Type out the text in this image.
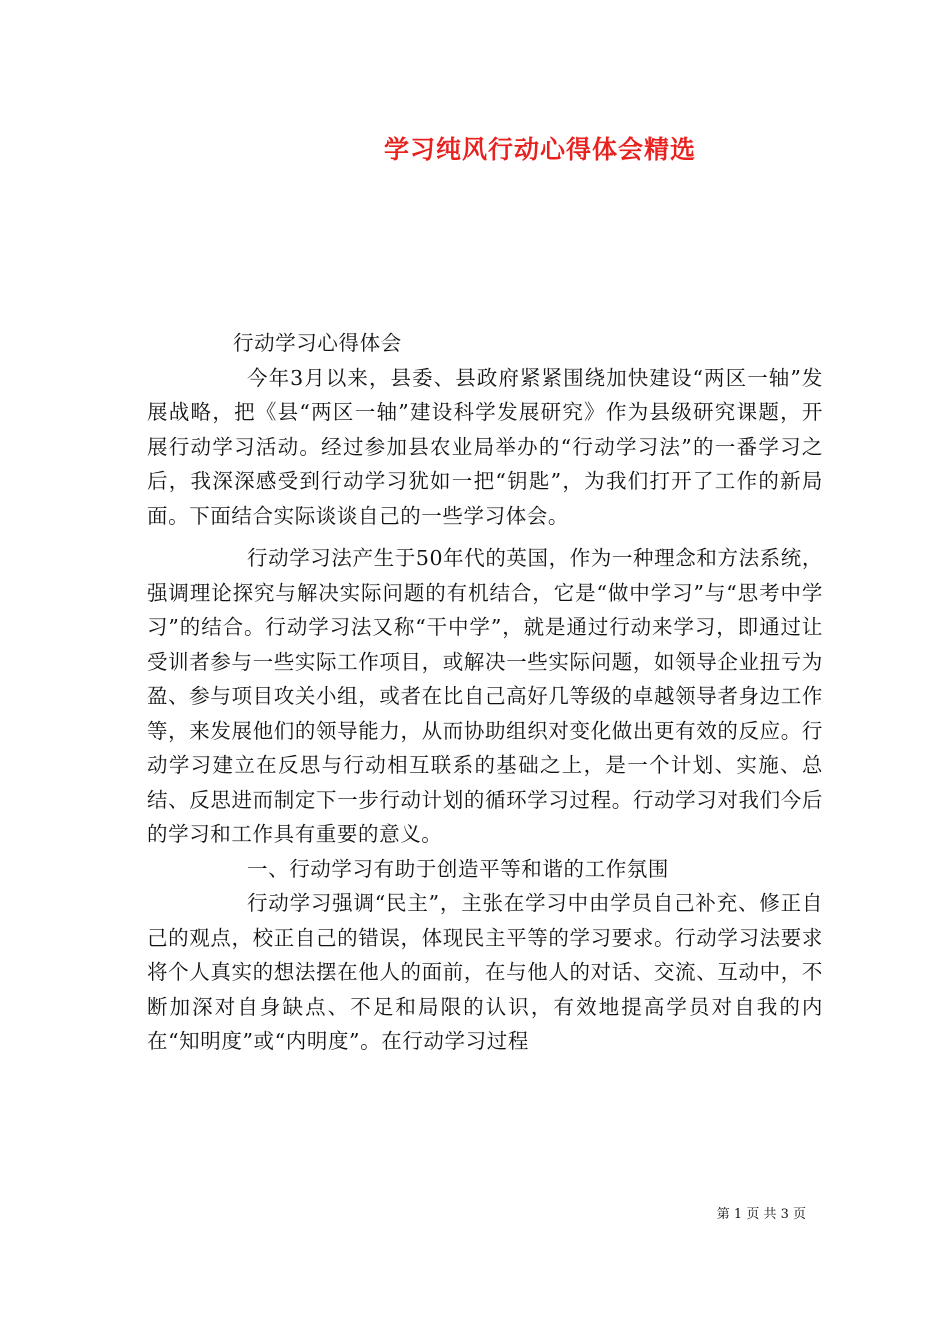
学习纯风行动心得体会精选

行动学习心得体会

今年3月以来，县委、县政府紧紧围绕加快建设“两区一轴”发展战略，把《县“两区一轴”建设科学发展研究》作为县级研究课题，开展行动学习活动。经过参加县农业局举办的“行动学习法”的一番学习之后，我深深感受到行动学习犹如一把“钥匙”，为我们打开了工作的新局面。下面结合实际谈谈自己的一些学习体会。

行动学习法产生于50年代的英国，作为一种理念和方法系统，强调理论探究与解决实际问题的有机结合，它是“做中学习”与“思考中学习”的结合。行动学习法又称“干中学”，就是通过行动来学习，即通过让受训者参与一些实际工作项目，或解决一些实际问题，如领导企业扭亏为盈、参与项目攻关小组，或者在比自己高好几等级的卓越领导者身边工作等，来发展他们的领导能力，从而协助组织对变化做出更有效的反应。行动学习建立在反思与行动相互联系的基础之上，是一个计划、实施、总结、反思进而制定下一步行动计划的循环学习过程。行动学习对我们今后的学习和工作具有重要的意义。

一、行动学习有助于创造平等和谐的工作氛围

行动学习强调“民主”，主张在学习中由学员自己补充、修正自己的观点，校正自己的错误，体现民主平等的学习要求。行动学习法要求将个人真实的想法摆在他人的面前，在与他人的对话、交流、互动中，不断加深对自身缺点、不足和局限的认识，有效地提高学员对自我的内在“知明度”或“内明度”。在行动学习过程

第 1 页 共 3 页
